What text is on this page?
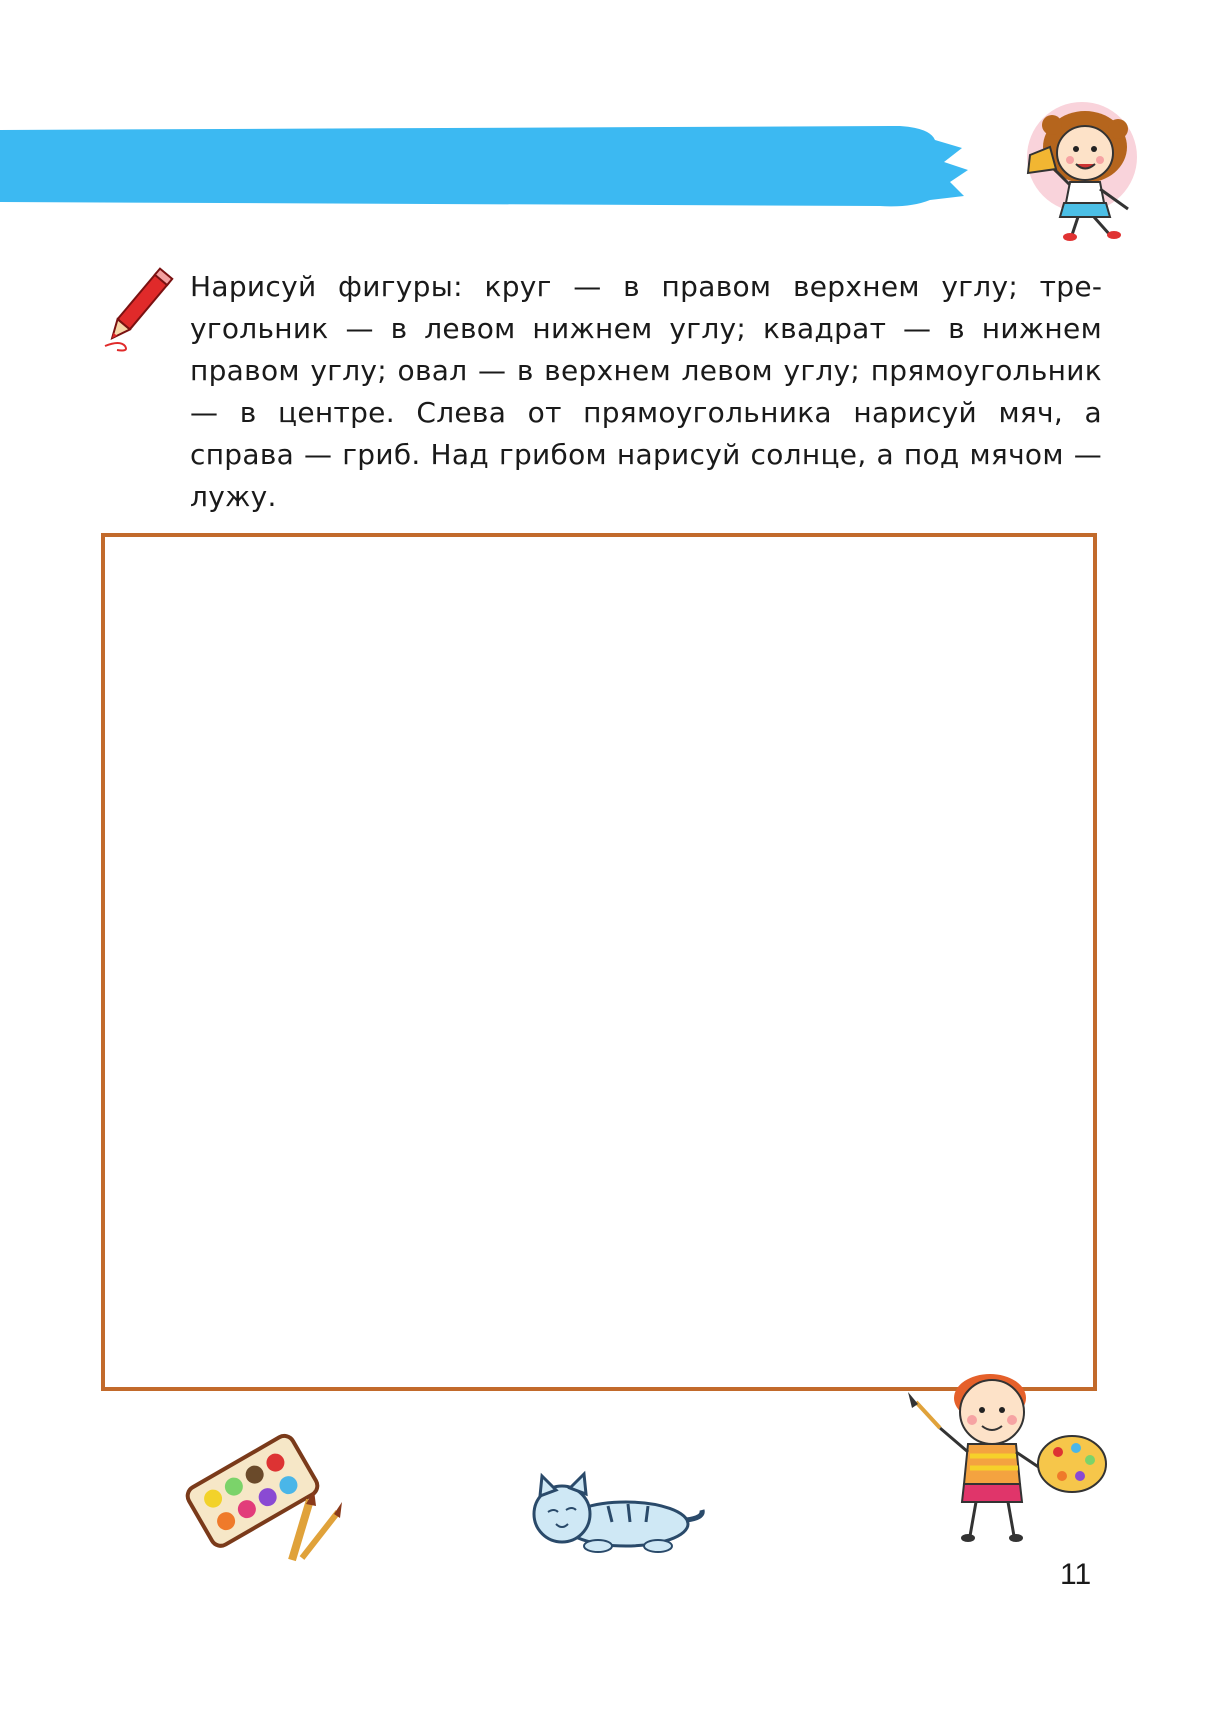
Нарисуй фигуры: круг — в правом верхнем углу; треугольник — в левом нижнем углу; квадрат — в нижнем правом углу; овал — в верхнем левом углу; прямоугольник — в центре. Слева от прямоугольника нарисуй мяч, а справа — гриб. Над грибом нарисуй солнце, а под мячом — лужу.

11
